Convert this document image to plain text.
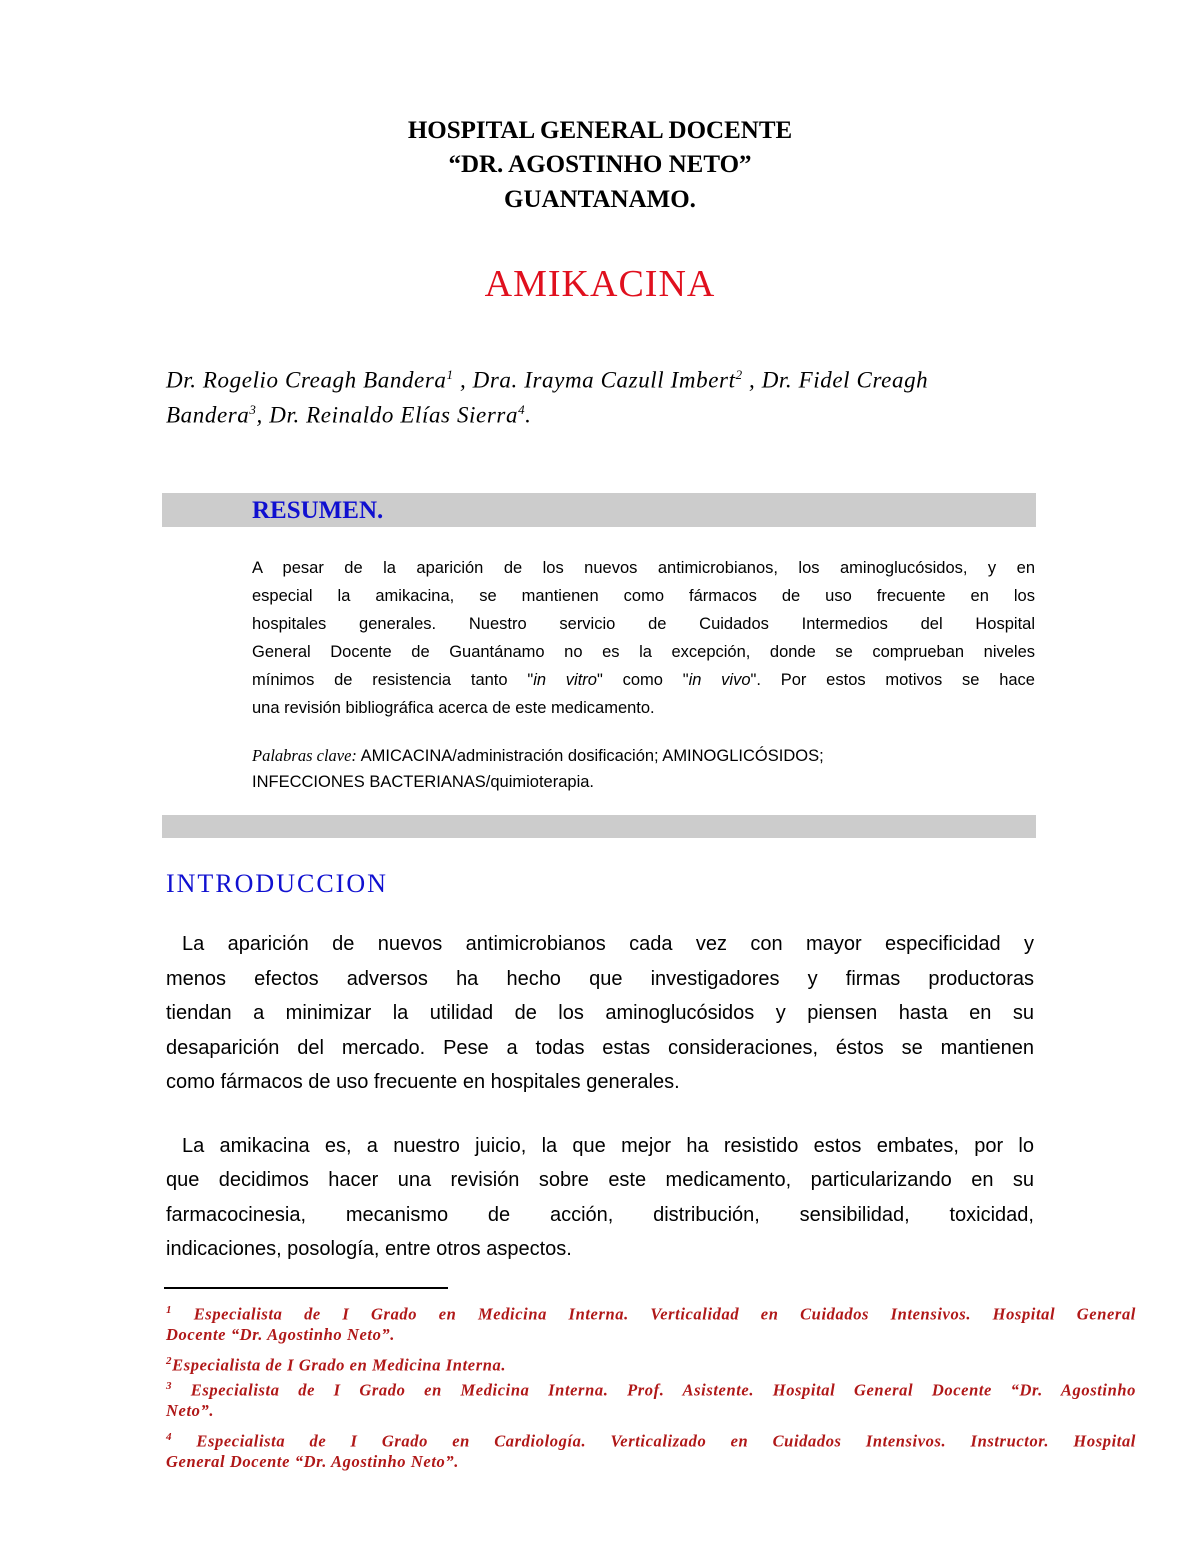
HOSPITAL GENERAL DOCENTE
“DR. AGOSTINHO NETO”
GUANTANAMO.
AMIKACINA
Dr. Rogelio Creagh Bandera$^1$ , Dra. Irayma Cazull Imbert$^2$ , Dr. Fidel Creagh
Bandera$^3$, Dr. Reinaldo Elías Sierra$^4$.
RESUMEN.
A pesar de la aparición de los nuevos antimicrobianos, los aminoglucósidos, y en
especial la amikacina, se mantienen como fármacos de uso frecuente en los
hospitales generales. Nuestro servicio de Cuidados Intermedios del Hospital
General Docente de Guantánamo no es la excepción, donde se comprueban niveles
mínimos de resistencia tanto "in vitro" como "in vivo". Por estos motivos se hace
una revisión bibliográfica acerca de este medicamento.
Palabras clave: AMICACINA/administración dosificación; AMINOGLICÓSIDOS;
INFECCIONES BACTERIANAS/quimioterapia.
INTRODUCCION
La aparición de nuevos antimicrobianos cada vez con mayor especificidad y
menos efectos adversos ha hecho que investigadores y firmas productoras
tiendan a minimizar la utilidad de los aminoglucósidos y piensen hasta en su
desaparición del mercado. Pese a todas estas consideraciones, éstos se mantienen
como fármacos de uso frecuente en hospitales generales.
La amikacina es, a nuestro juicio, la que mejor ha resistido estos embates, por lo
que decidimos hacer una revisión sobre este medicamento, particularizando en su
farmacocinesia, mecanismo de acción, distribución, sensibilidad, toxicidad,
indicaciones, posología, entre otros aspectos.
$^1$ Especialista de I Grado en Medicina Interna. Verticalidad en Cuidados Intensivos. Hospital General
Docente “Dr. Agostinho Neto”.
$^2$Especialista de I Grado en Medicina Interna.
$^3$ Especialista de I Grado en Medicina Interna. Prof. Asistente. Hospital General Docente “Dr. Agostinho
Neto”.
$^4$ Especialista de I Grado en Cardiología. Verticalizado en Cuidados Intensivos. Instructor. Hospital
General Docente “Dr. Agostinho Neto”.
